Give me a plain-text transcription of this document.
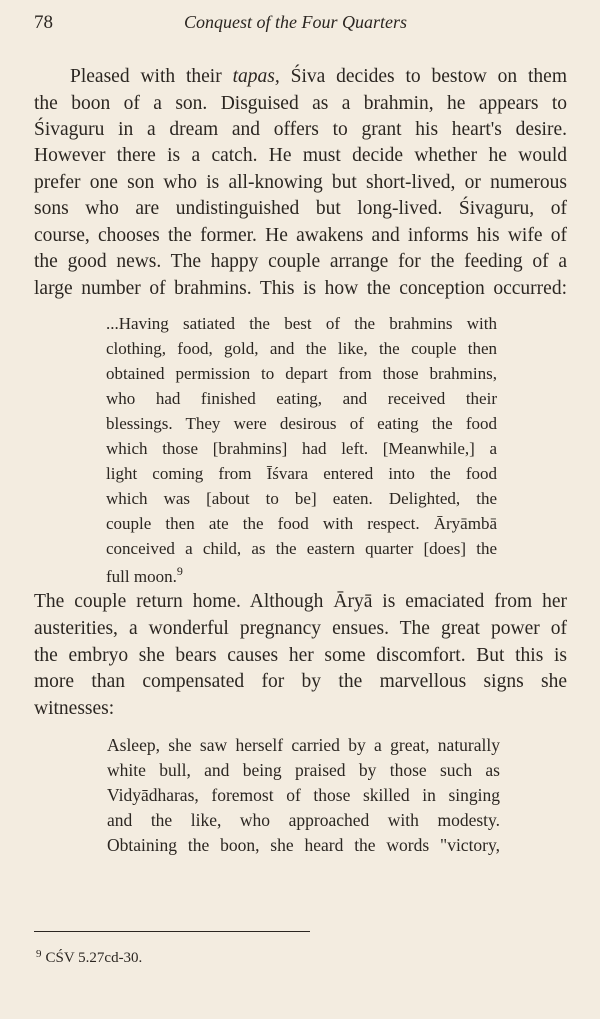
78	Conquest of the Four Quarters
Pleased with their tapas, Śiva decides to bestow on them
the boon of a son. Disguised as a brahmin, he appears to
Śivaguru in a dream and offers to grant his heart's desire.
However there is a catch. He must decide whether he would
prefer one son who is all-knowing but short-lived, or numerous
sons who are undistinguished but long-lived. Śivaguru, of
course, chooses the former. He awakens and informs his wife of
the good news. The happy couple arrange for the feeding of a
large number of brahmins. This is how the conception occurred:
...Having satiated the best of the brahmins with
clothing, food, gold, and the like, the couple then
obtained permission to depart from those brahmins,
who had finished eating, and received their
blessings. They were desirous of eating the food
which those [brahmins] had left. [Meanwhile,] a
light coming from Īśvara entered into the food
which was [about to be] eaten. Delighted, the
couple then ate the food with respect. Āryāmbā
conceived a child, as the eastern quarter [does] the
full moon.$^9$
The couple return home. Although Āryā is emaciated from her
austerities, a wonderful pregnancy ensues. The great power of
the embryo she bears causes her some discomfort. But this is
more than compensated for by the marvellous signs she
witnesses:
Asleep, she saw herself carried by a great, naturally
white bull, and being praised by those such as
Vidyādharas, foremost of those skilled in singing
and the like, who approached with modesty.
Obtaining the boon, she heard the words "victory,
$^9$ CŚV 5.27cd-30.
